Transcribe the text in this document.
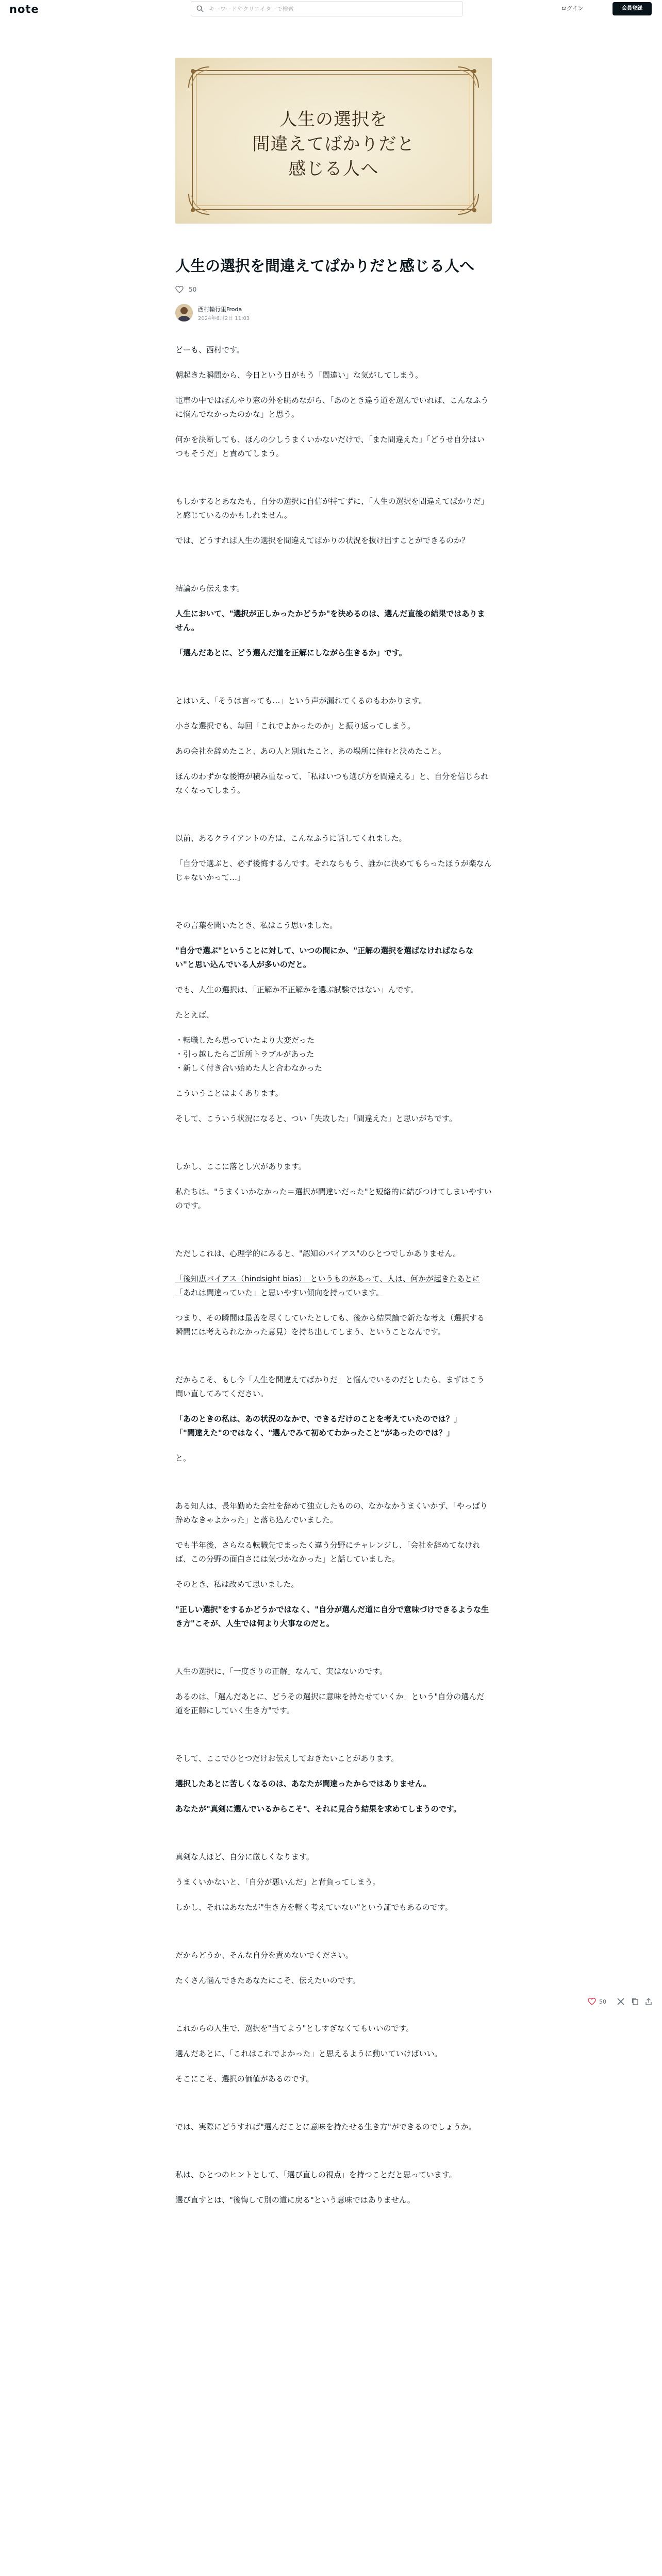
note
キーワードやクリエイターで検索	ログイン	会員登録
人生の選択を
間違えてばかりだと
感じる人へ
人生の選択を間違えてばかりだと感じる人へ
50
西村輪行里Froda
2024年6月2日 11:03

どーも、西村です。

朝起きた瞬間から、今日という日がもう「間違い」な気がしてしまう。

電車の中ではぼんやり窓の外を眺めながら、「あのとき違う道を選んでいれば、こんなふうに悩んでなかったのかな」と思う。

何かを決断しても、ほんの少しうまくいかないだけで、「また間違えた」「どうせ自分はいつもそうだ」と責めてしまう。

もしかするとあなたも、自分の選択に自信が持てずに、「人生の選択を間違えてばかりだ」と感じているのかもしれません。

では、どうすれば人生の選択を間違えてばかりの状況を抜け出すことができるのか？

結論から伝えます。

人生において、"選択が正しかったかどうか"を決めるのは、選んだ直後の結果ではありません。

「選んだあとに、どう選んだ道を正解にしながら生きるか」です。

とはいえ、「そうは言っても…」という声が漏れてくるのもわかります。

小さな選択でも、毎回「これでよかったのか」と振り返ってしまう。

あの会社を辞めたこと、あの人と別れたこと、あの場所に住むと決めたこと。

ほんのわずかな後悔が積み重なって、「私はいつも選び方を間違える」と、自分を信じられなくなってしまう。

以前、あるクライアントの方は、こんなふうに話してくれました。

「自分で選ぶと、必ず後悔するんです。それならもう、誰かに決めてもらったほうが楽なんじゃないかって…」

その言葉を聞いたとき、私はこう思いました。

"自分で選ぶ"ということに対して、いつの間にか、"正解の選択を選ばなければならない"と思い込んでいる人が多いのだと。

でも、人生の選択は、「正解か不正解かを選ぶ試験ではない」んです。

たとえば、

・転職したら思っていたより大変だった
・引っ越したらご近所トラブルがあった
・新しく付き合い始めた人と合わなかった

こういうことはよくあります。

そして、こういう状況になると、つい「失敗した」「間違えた」と思いがちです。

しかし、ここに落とし穴があります。

私たちは、"うまくいかなかった＝選択が間違いだった"と短絡的に結びつけてしまいやすいのです。

ただしこれは、心理学的にみると、"認知のバイアス"のひとつでしかありません。

「後知恵バイアス（hindsight bias）」というものがあって、人は、何かが起きたあとに「あれは間違っていた」と思いやすい傾向を持っています。

つまり、その瞬間は最善を尽くしていたとしても、後から結果論で新たな考え（選択する瞬間には考えられなかった意見）を持ち出してしまう、ということなんです。

だからこそ、もし今「人生を間違えてばかりだ」と悩んでいるのだとしたら、まずはこう問い直してみてください。

「あのときの私は、あの状況のなかで、できるだけのことを考えていたのでは？」
「"間違えた"のではなく、"選んでみて初めてわかったこと"があったのでは？」

と。

ある知人は、長年勤めた会社を辞めて独立したものの、なかなかうまくいかず、「やっぱり辞めなきゃよかった」と落ち込んでいました。

でも半年後、さらなる転職先でまったく違う分野にチャレンジし、「会社を辞めてなければ、この分野の面白さには気づかなかった」と話していました。

そのとき、私は改めて思いました。

"正しい選択"をするかどうかではなく、"自分が選んだ道に自分で意味づけできるような生き方"こそが、人生では何より大事なのだと。

人生の選択に、「一度きりの正解」なんて、実はないのです。

あるのは、「選んだあとに、どうその選択に意味を持たせていくか」という"自分の選んだ道を正解にしていく生き方"です。

そして、ここでひとつだけお伝えしておきたいことがあります。

選択したあとに苦しくなるのは、あなたが間違ったからではありません。

あなたが"真剣に選んでいるからこそ"、それに見合う結果を求めてしまうのです。

真剣な人ほど、自分に厳しくなります。

うまくいかないと、「自分が悪いんだ」と背負ってしまう。

しかし、それはあなたが"生き方を軽く考えていない"という証でもあるのです。

だからどうか、そんな自分を責めないでください。

たくさん悩んできたあなたにこそ、伝えたいのです。

これからの人生で、選択を"当てよう"としすぎなくてもいいのです。

選んだあとに、「これはこれでよかった」と思えるように動いていけばいい。

そこにこそ、選択の価値があるのです。

では、実際にどうすれば"選んだことに意味を持たせる生き方"ができるのでしょうか。

私は、ひとつのヒントとして、「選び直しの視点」を持つことだと思っています。

選び直すとは、"後悔して別の道に戻る"という意味ではありません。

50
